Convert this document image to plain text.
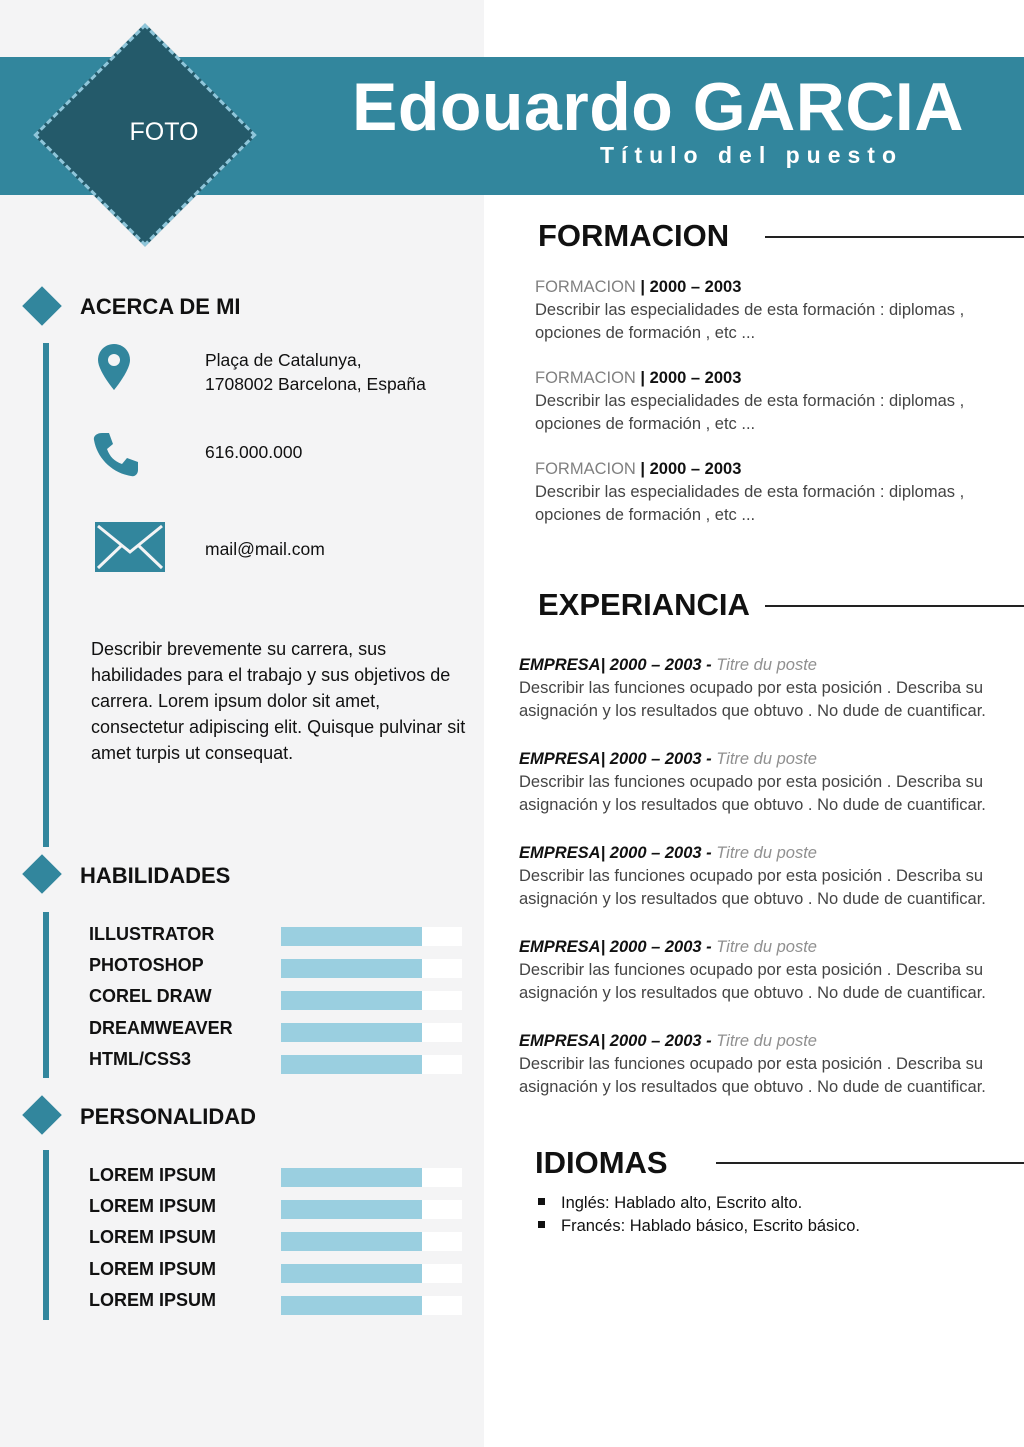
FOTO Edouardo GARCIA
Título del puesto
ACERCA DE MI
Plaça de Catalunya,
1708002 Barcelona, España
616.000.000
mail@mail.com
Describir brevemente su carrera, sus habilidades para el trabajo y sus objetivos de carrera. Lorem ipsum dolor sit amet, consectetur adipiscing elit. Quisque pulvinar sit amet turpis ut consequat.
HABILIDADES
ILLUSTRATOR
PHOTOSHOP
COREL DRAW
DREAMWEAVER
HTML/CSS3
PERSONALIDAD
LOREM IPSUM
LOREM IPSUM
LOREM IPSUM
LOREM IPSUM
LOREM IPSUM
FORMACION
FORMACION | 2000 – 2003
Describir las especialidades de esta formación : diplomas , opciones de formación , etc ...
FORMACION | 2000 – 2003
Describir las especialidades de esta formación : diplomas , opciones de formación , etc ...
FORMACION | 2000 – 2003
Describir las especialidades de esta formación : diplomas , opciones de formación , etc ...
EXPERIANCIA
EMPRESA| 2000 – 2003 - Titre du poste
Describir las funciones ocupado por esta posición . Describa su asignación y los resultados que obtuvo . No dude de cuantificar.
EMPRESA| 2000 – 2003 - Titre du poste
Describir las funciones ocupado por esta posición . Describa su asignación y los resultados que obtuvo . No dude de cuantificar.
EMPRESA| 2000 – 2003 - Titre du poste
Describir las funciones ocupado por esta posición . Describa su asignación y los resultados que obtuvo . No dude de cuantificar.
EMPRESA| 2000 – 2003 - Titre du poste
Describir las funciones ocupado por esta posición . Describa su asignación y los resultados que obtuvo . No dude de cuantificar.
EMPRESA| 2000 – 2003 - Titre du poste
Describir las funciones ocupado por esta posición . Describa su asignación y los resultados que obtuvo . No dude de cuantificar.
IDIOMAS
Inglés: Hablado alto, Escrito alto.
Francés: Hablado básico, Escrito básico.
